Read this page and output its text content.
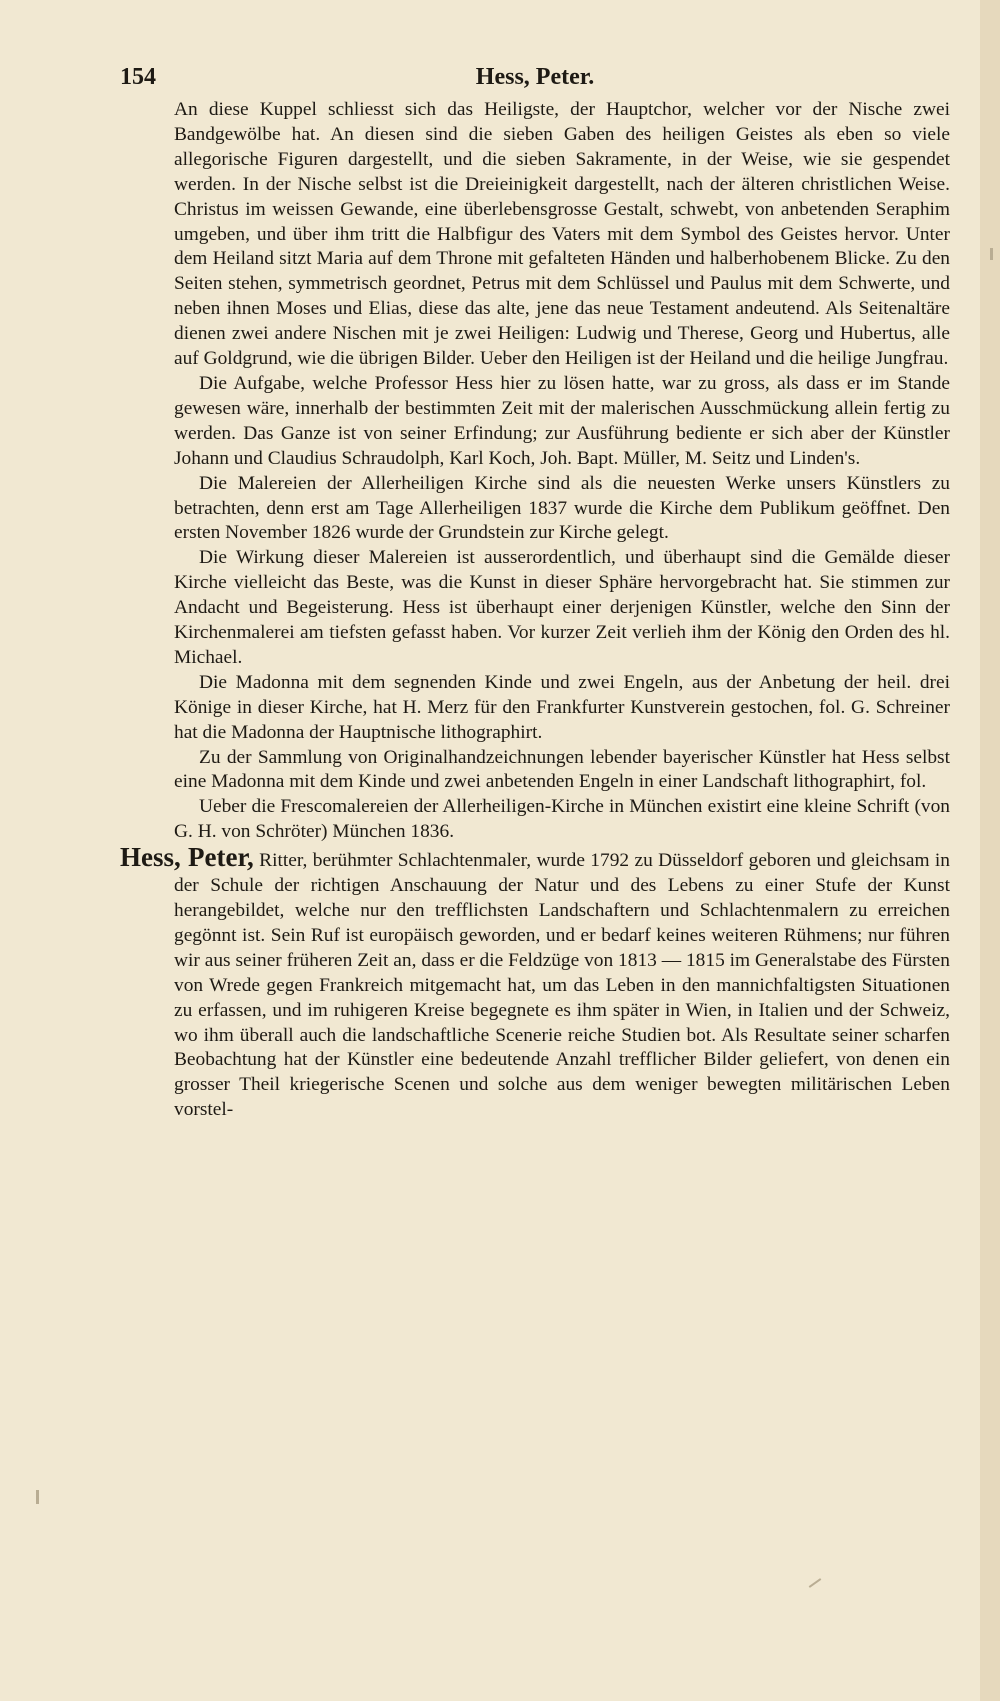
154	Hess, Peter.

An diese Kuppel schliesst sich das Heiligste, der Hauptchor, welcher vor der Nische zwei Bandgewölbe hat. An diesen sind die sieben Gaben des heiligen Geistes als eben so viele allegorische Figuren dargestellt, und die sieben Sakramente, in der Weise, wie sie gespendet werden. In der Nische selbst ist die Dreieinigkeit dargestellt, nach der älteren christlichen Weise. Christus im weissen Gewande, eine überlebensgrosse Gestalt, schwebt, von anbetenden Seraphim umgeben, und über ihm tritt die Halbfigur des Vaters mit dem Symbol des Geistes hervor. Unter dem Heiland sitzt Maria auf dem Throne mit gefalteten Händen und halberhobenem Blicke. Zu den Seiten stehen, symmetrisch geordnet, Petrus mit dem Schlüssel und Paulus mit dem Schwerte, und neben ihnen Moses und Elias, diese das alte, jene das neue Testament andeutend. Als Seitenaltäre dienen zwei andere Nischen mit je zwei Heiligen: Ludwig und Therese, Georg und Hubertus, alle auf Goldgrund, wie die übrigen Bilder. Ueber den Heiligen ist der Heiland und die heilige Jungfrau.

Die Aufgabe, welche Professor Hess hier zu lösen hatte, war zu gross, als dass er im Stande gewesen wäre, innerhalb der bestimmten Zeit mit der malerischen Ausschmückung allein fertig zu werden. Das Ganze ist von seiner Erfindung; zur Ausführung bediente er sich aber der Künstler Johann und Claudius Schraudolph, Karl Koch, Joh. Bapt. Müller, M. Seitz und Linden's.

Die Malereien der Allerheiligen Kirche sind als die neuesten Werke unsers Künstlers zu betrachten, denn erst am Tage Allerheiligen 1837 wurde die Kirche dem Publikum geöffnet. Den ersten November 1826 wurde der Grundstein zur Kirche gelegt.

Die Wirkung dieser Malereien ist ausserordentlich, und überhaupt sind die Gemälde dieser Kirche vielleicht das Beste, was die Kunst in dieser Sphäre hervorgebracht hat. Sie stimmen zur Andacht und Begeisterung. Hess ist überhaupt einer derjenigen Künstler, welche den Sinn der Kirchenmalerei am tiefsten gefasst haben. Vor kurzer Zeit verlieh ihm der König den Orden des hl. Michael.

Die Madonna mit dem segnenden Kinde und zwei Engeln, aus der Anbetung der heil. drei Könige in dieser Kirche, hat H. Merz für den Frankfurter Kunstverein gestochen, fol. G. Schreiner hat die Madonna der Hauptnische lithographirt.

Zu der Sammlung von Originalhandzeichnungen lebender bayerischer Künstler hat Hess selbst eine Madonna mit dem Kinde und zwei anbetenden Engeln in einer Landschaft lithographirt, fol.

Ueber die Frescomalereien der Allerheiligen-Kirche in München existirt eine kleine Schrift (von G. H. von Schröter) München 1836.

Hess, Peter, Ritter, berühmter Schlachtenmaler, wurde 1792 zu Düsseldorf geboren und gleichsam in der Schule der richtigen Anschauung der Natur und des Lebens zu einer Stufe der Kunst herangebildet, welche nur den trefflichsten Landschaftern und Schlachtenmalern zu erreichen gegönnt ist. Sein Ruf ist europäisch geworden, und er bedarf keines weiteren Rühmens; nur führen wir aus seiner früheren Zeit an, dass er die Feldzüge von 1813 — 1815 im Generalstabe des Fürsten von Wrede gegen Frankreich mitgemacht hat, um das Leben in den mannichfaltigsten Situationen zu erfassen, und im ruhigeren Kreise begegnete es ihm später in Wien, in Italien und der Schweiz, wo ihm überall auch die landschaftliche Scenerie reiche Studien bot. Als Resultate seiner scharfen Beobachtung hat der Künstler eine bedeutende Anzahl trefflicher Bilder geliefert, von denen ein grosser Theil kriegerische Scenen und solche aus dem weniger bewegten militärischen Leben vorstel-
